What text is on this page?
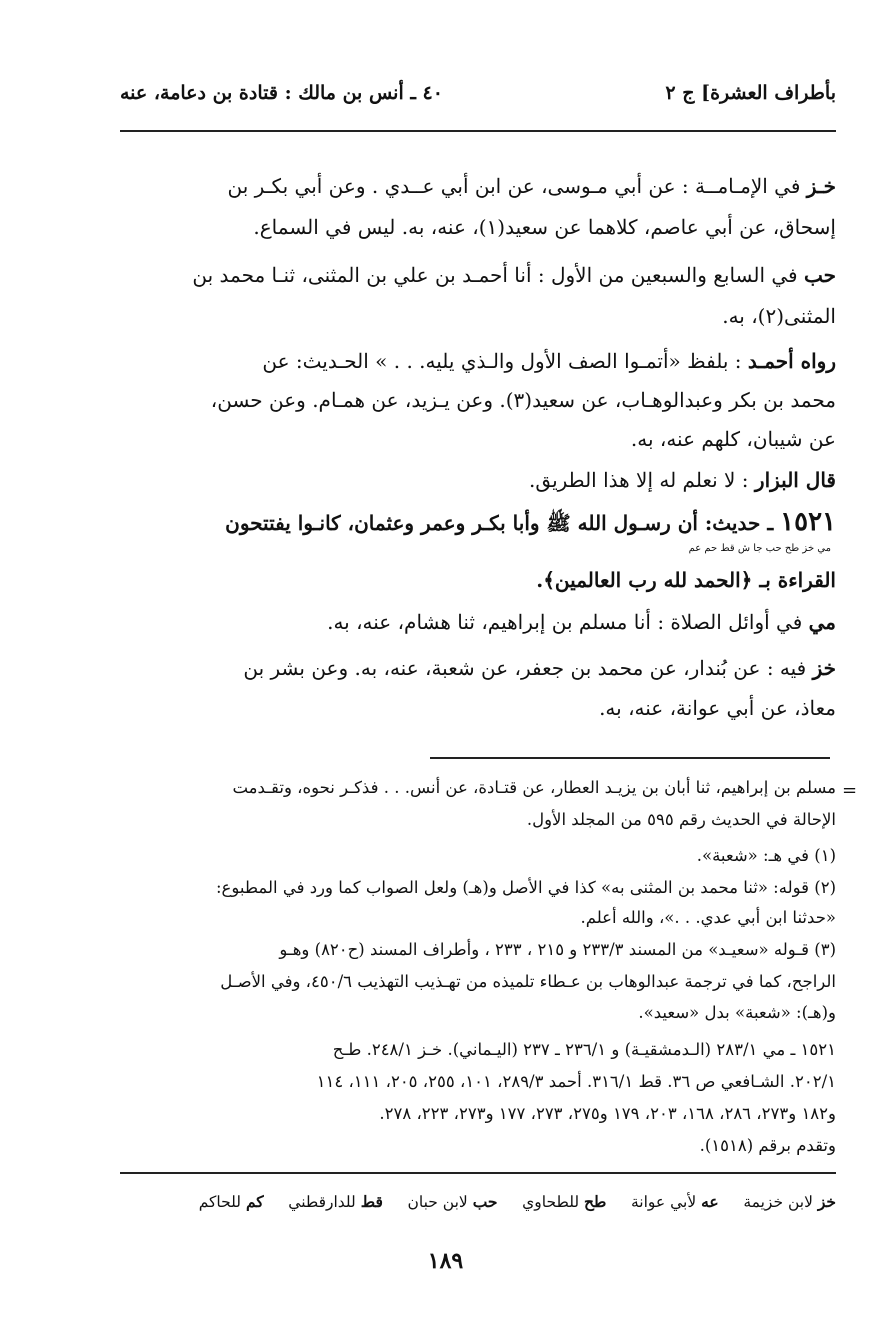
بأطراف العشرة] ج ٢
٤٠ ـ أنس بن مالك : قتادة بن دعامة، عنه
خـز في الإمـامــة : عن أبي مـوسى، عن ابن أبي عــدي . وعن أبي بكـر بن
إسحاق، عن أبي عاصم، كلاهما عن سعيد(١)، عنه، به. ليس في السماع.
حب في السابع والسبعين من الأول : أنا أحمـد بن علي بن المثنى، ثنـا محمد بن
المثنى(٢)، به.
رواه أحمـد : بلفظ «أتمـوا الصف الأول والـذي يليه. . . » الحـديث: عن
محمد بن بكر وعبدالوهـاب، عن سعيد(٣). وعن يـزيد، عن همـام. وعن حسن،
عن شيبان، كلهم عنه، به.
قال البزار : لا نعلم له إلا هذا الطريق.
١٥٢١ ـ حديث: أن رسـول الله ﷺ وأبا بكـر وعمر وعثمان، كانـوا يفتتحون
مي خز طح حب جا ش قط حم عم
القراءة بـ ﴿الحمد لله رب العالمين﴾.
مي في أوائل الصلاة : أنا مسلم بن إبراهيم، ثنا هشام، عنه، به.
خز فيه : عن بُندار، عن محمد بن جعفر، عن شعبة، عنه، به. وعن بشر بن
معاذ، عن أبي عوانة، عنه، به.
=
مسلم بن إبراهيم، ثنا أبان بن يزيـد العطار، عن قتـادة، عن أنس. . . فذكـر نحوه، وتقـدمت
الإحالة في الحديث رقم ٥٩٥ من المجلد الأول.
(١) في هـ: «شعبة».
(٢) قوله: «ثنا محمد بن المثنى به» كذا في الأصل و(هـ) ولعل الصواب كما ورد في المطبوع:
«حدثنا ابن أبي عدي. . .»، والله أعلم.
(٣) قـوله «سعيـد» من المسند ٢٣٣/٣ و ٢١٥ ، ٢٣٣ ، وأطراف المسند (ح٨٢٠) وهـو
الراجح، كما في ترجمة عبدالوهاب بن عـطاء تلميذه من تهـذيب التهذيب ٤٥٠/٦، وفي الأصـل
و(هـ): «شعبة» بدل «سعيد».
١٥٢١ ـ مي ٢٨٣/١ (الـدمشقيـة) و ٢٣٦/١ ـ ٢٣٧ (اليـماني). خـز ٢٤٨/١. طـح
٢٠٢/١. الشـافعي ص ٣٦. قط ٣١٦/١. أحمد ٢٨٩/٣، ١٠١، ٢٥٥، ٢٠٥، ١١١، ١١٤
و١٨٢ و٢٧٣، ٢٨٦، ١٦٨، ٢٠٣، ١٧٩ و٢٧٥، ٢٧٣، ١٧٧ و٢٧٣، ٢٢٣، ٢٧٨.
وتقدم برقم (١٥١٨).
خز لابن خزيمة     عه لأبي عوانة     طح للطحاوي     حب لابن حبان     قط للدارقطني     كم للحاكم
١٨٩
